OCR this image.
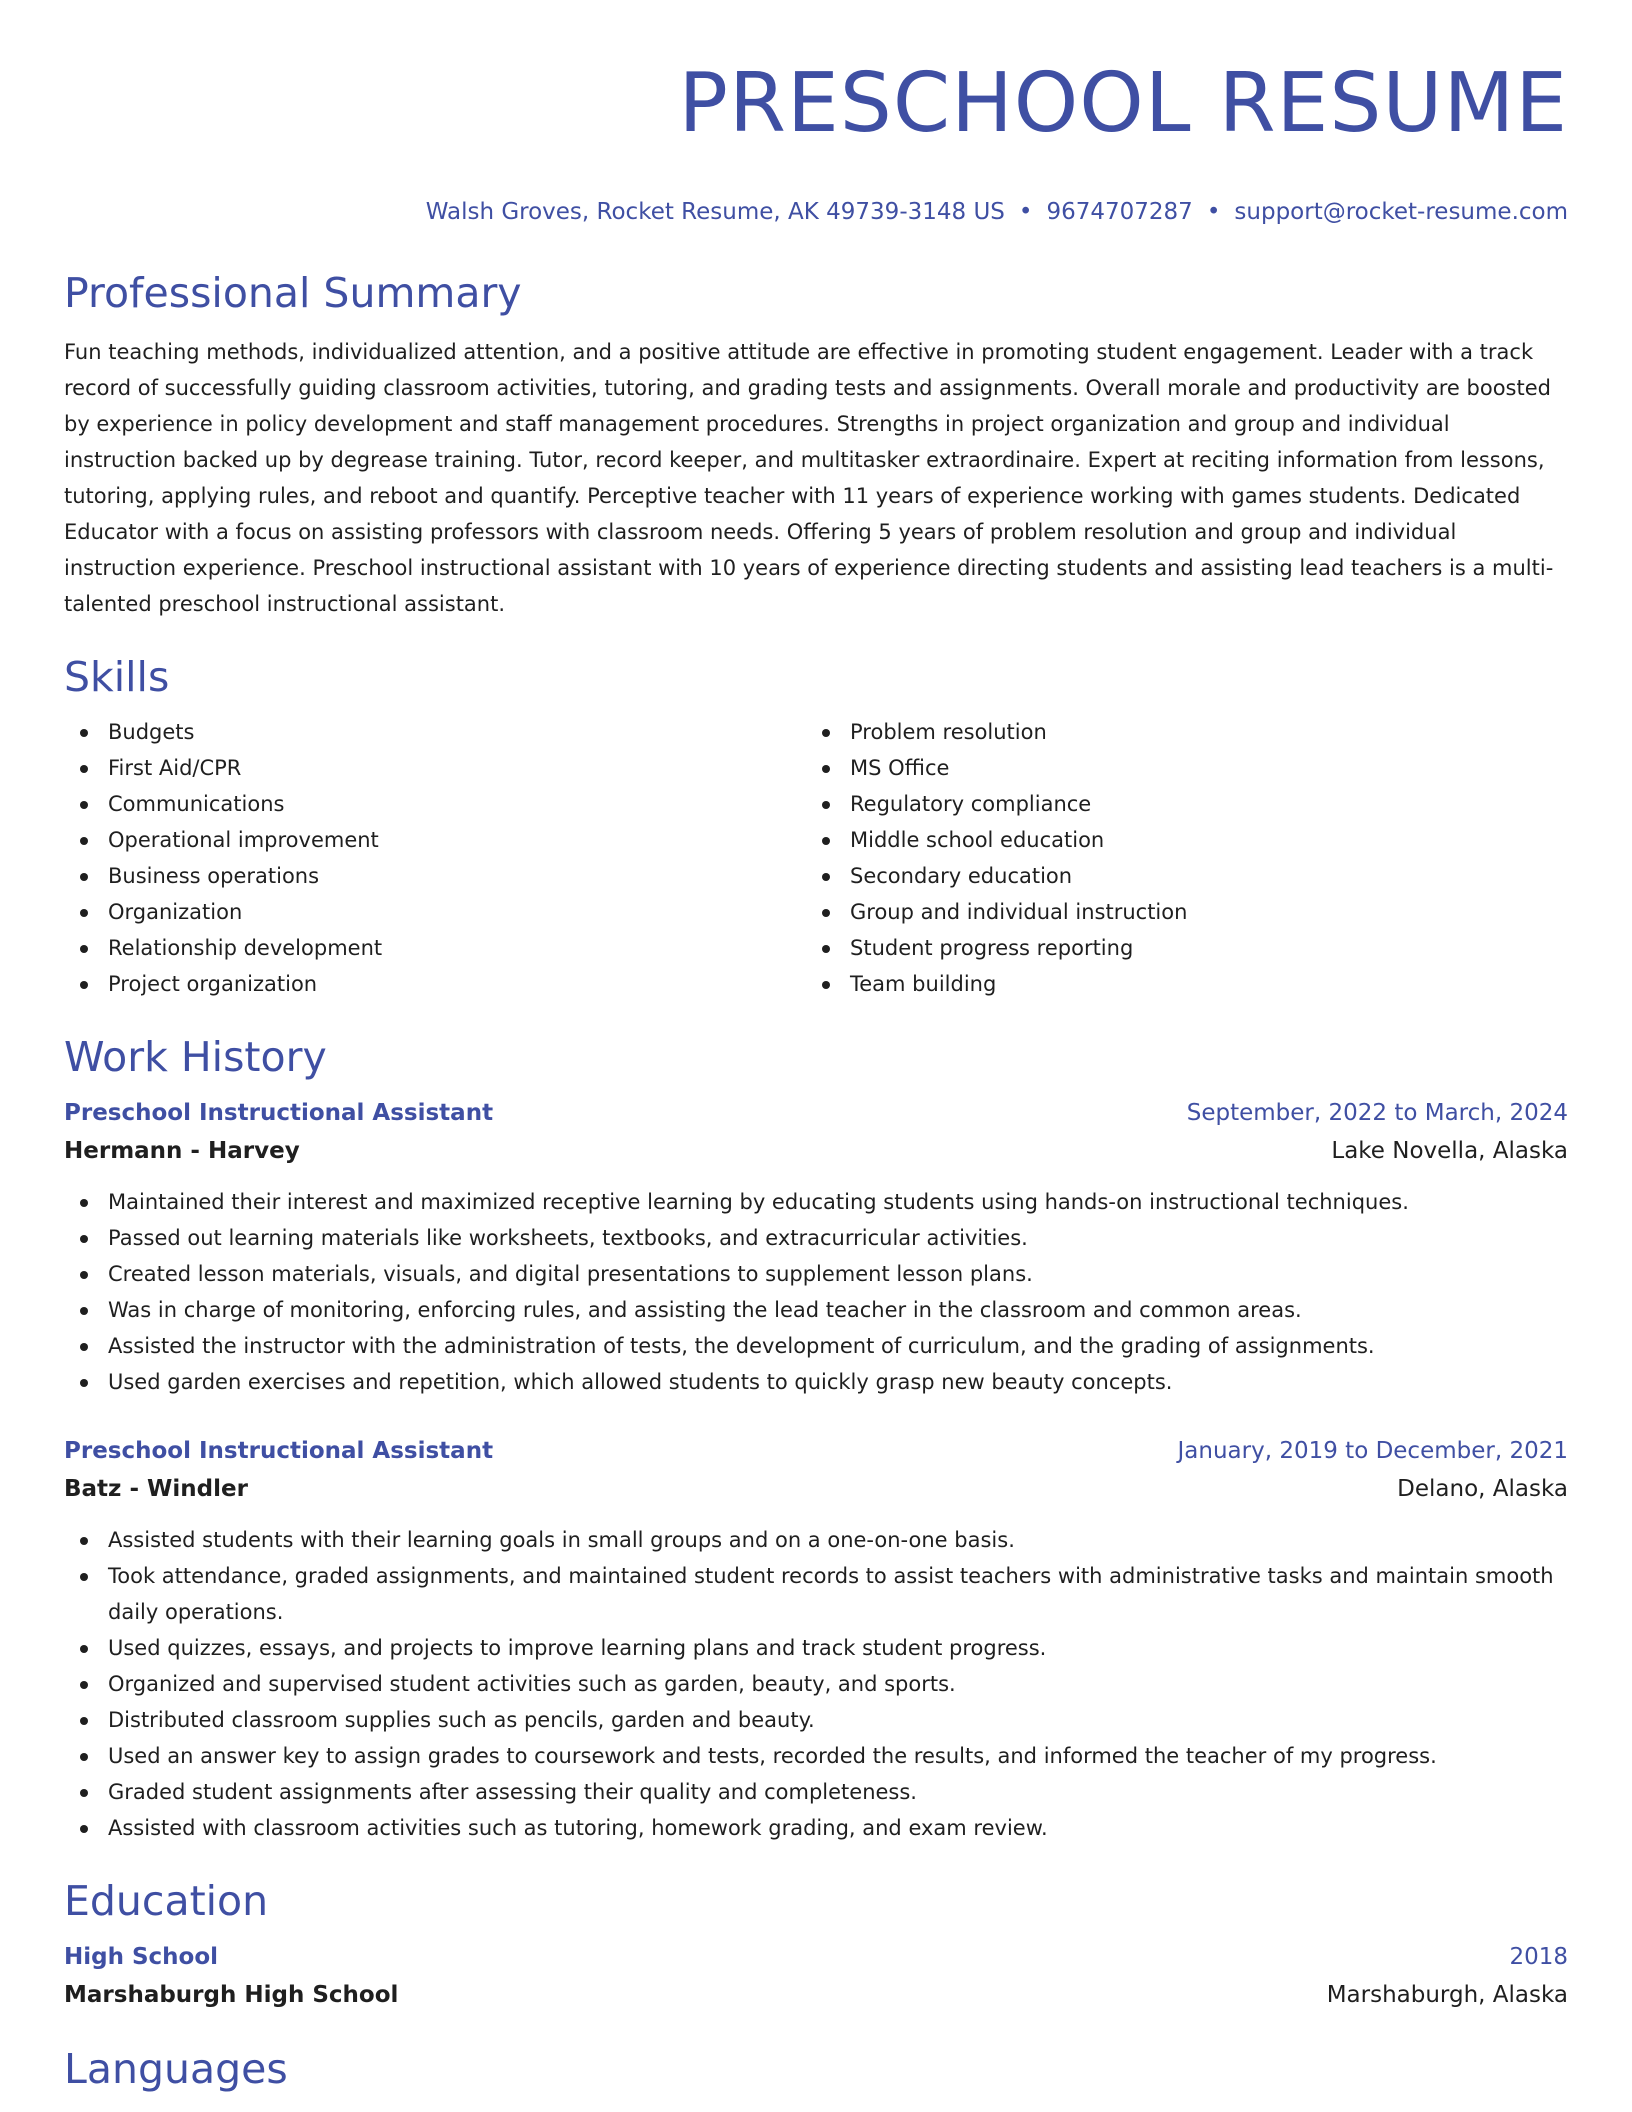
PRESCHOOL RESUME
Walsh Groves, Rocket Resume, AK 49739-3148 US • 9674707287 • support@rocket-resume.com
Professional Summary
Fun teaching methods, individualized attention, and a positive attitude are effective in promoting student engagement. Leader with a track record of successfully guiding classroom activities, tutoring, and grading tests and assignments. Overall morale and productivity are boosted by experience in policy development and staff management procedures. Strengths in project organization and group and individual instruction backed up by degrease training. Tutor, record keeper, and multitasker extraordinaire. Expert at reciting information from lessons, tutoring, applying rules, and reboot and quantify. Perceptive teacher with 11 years of experience working with games students. Dedicated Educator with a focus on assisting professors with classroom needs. Offering 5 years of problem resolution and group and individual instruction experience. Preschool instructional assistant with 10 years of experience directing students and assisting lead teachers is a multi-talented preschool instructional assistant.
Skills
Budgets
First Aid/CPR
Communications
Operational improvement
Business operations
Organization
Relationship development
Project organization
Problem resolution
MS Office
Regulatory compliance
Middle school education
Secondary education
Group and individual instruction
Student progress reporting
Team building
Work History
Preschool Instructional Assistant	September, 2022 to March, 2024
Hermann - Harvey	Lake Novella, Alaska
Maintained their interest and maximized receptive learning by educating students using hands-on instructional techniques.
Passed out learning materials like worksheets, textbooks, and extracurricular activities.
Created lesson materials, visuals, and digital presentations to supplement lesson plans.
Was in charge of monitoring, enforcing rules, and assisting the lead teacher in the classroom and common areas.
Assisted the instructor with the administration of tests, the development of curriculum, and the grading of assignments.
Used garden exercises and repetition, which allowed students to quickly grasp new beauty concepts.
Preschool Instructional Assistant	January, 2019 to December, 2021
Batz - Windler	Delano, Alaska
Assisted students with their learning goals in small groups and on a one-on-one basis.
Took attendance, graded assignments, and maintained student records to assist teachers with administrative tasks and maintain smooth daily operations.
Used quizzes, essays, and projects to improve learning plans and track student progress.
Organized and supervised student activities such as garden, beauty, and sports.
Distributed classroom supplies such as pencils, garden and beauty.
Used an answer key to assign grades to coursework and tests, recorded the results, and informed the teacher of my progress.
Graded student assignments after assessing their quality and completeness.
Assisted with classroom activities such as tutoring, homework grading, and exam review.
Education
High School	2018
Marshaburgh High School	Marshaburgh, Alaska
Languages
